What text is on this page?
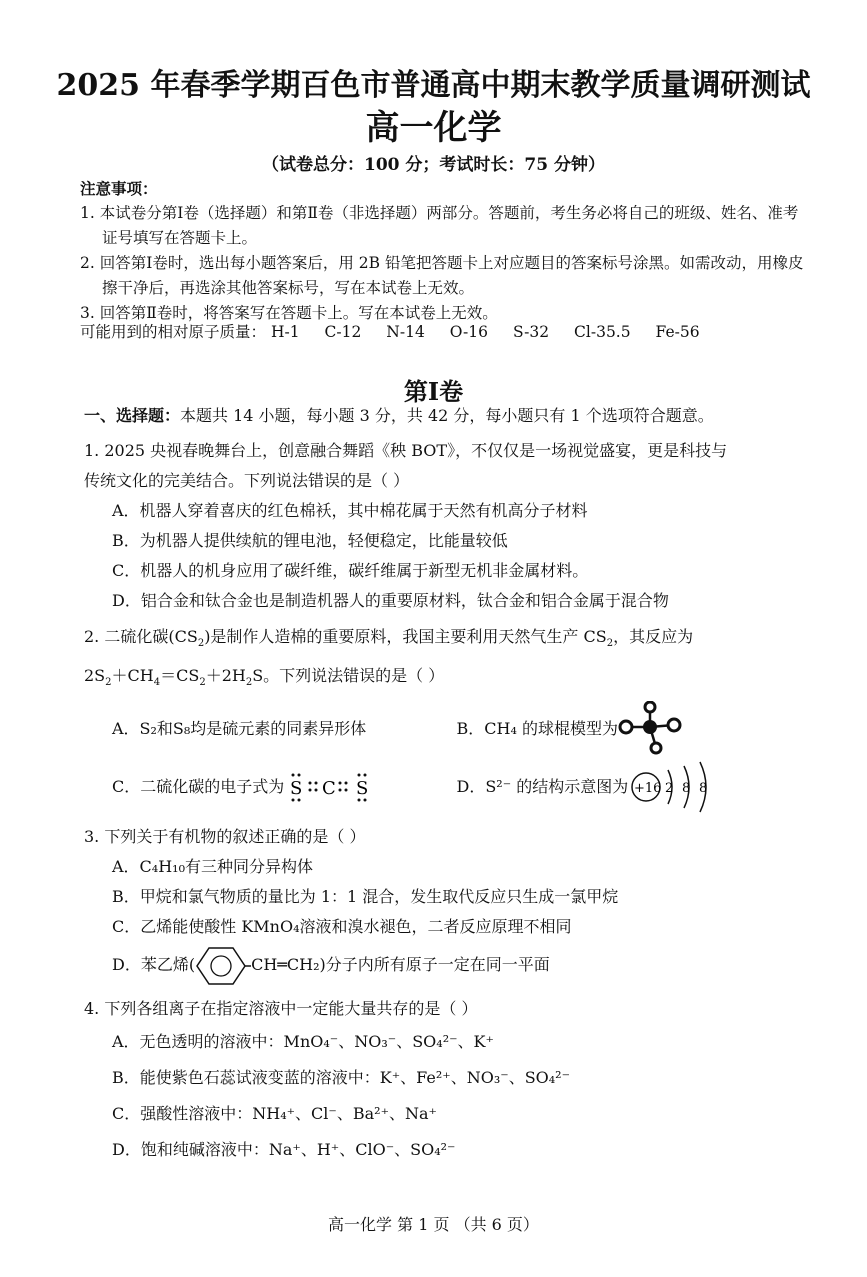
2025 年春季学期百色市普通高中期末教学质量调研测试
高一化学
（试卷总分：100 分；考试时长：75 分钟）
注意事项：

1. 本试卷分第Ⅰ卷（选择题）和第Ⅱ卷（非选择题）两部分。答题前，考生务必将自己的班级、姓名、准考证号填写在答题卡上。

2. 回答第Ⅰ卷时，选出每小题答案后，用 2B 铅笔把答题卡上对应题目的答案标号涂黑。如需改动，用橡皮擦干净后，再选涂其他答案标号，写在本试卷上无效。

3. 回答第Ⅱ卷时，将答案写在答题卡上。写在本试卷上无效。

可能用到的相对原子质量： H-1 C-12 N-14 O-16 S-32 Cl-35.5 Fe-56
第Ⅰ卷

一、选择题：本题共 14 小题，每小题 3 分，共 42 分，每小题只有 1 个选项符合题意。

1. 2025 央视春晚舞台上，创意融合舞蹈《秧 BOT》，不仅仅是一场视觉盛宴，更是科技与

传统文化的完美结合。下列说法错误的是（ ）

A．机器人穿着喜庆的红色棉袄，其中棉花属于天然有机高分子材料

B．为机器人提供续航的锂电池，轻便稳定，比能量较低

C．机器人的机身应用了碳纤维，碳纤维属于新型无机非金属材料。

D．铝合金和钛合金也是制造机器人的重要原材料，钛合金和铝合金属于混合物

2. 二硫化碳$(CS_2)$是制作人造棉的重要原料，我国主要利用天然气生产 $CS_2$，其反应为

$2S_2+CH_4=CS_2+2H_2S$。下列说法错误的是（ ）

A．S₂和S₈均是硫元素的同素异形体	B．CH₄ 的球棍模型为
C．二硫化碳的电子式为 S C S	D．S²⁻ 的结构示意图为 +16 2 8 8

3. 下列关于有机物的叙述正确的是（ ）

A．C₄H₁₀有三种同分异构体

B．甲烷和氯气物质的量比为 1：1 混合，发生取代反应只生成一氯甲烷

C．乙烯能使酸性 KMnO₄溶液和溴水褪色，二者反应原理不相同

D．苯乙烯(	CH═CH₂)分子内所有原子一定在同一平面

4. 下列各组离子在指定溶液中一定能大量共存的是（ ）

A．无色透明的溶液中：MnO₄⁻、NO₃⁻、SO₄²⁻、K⁺

B．能使紫色石蕊试液变蓝的溶液中：K⁺、Fe²⁺、NO₃⁻、SO₄²⁻

C．强酸性溶液中：NH₄⁺、Cl⁻、Ba²⁺、Na⁺

D．饱和纯碱溶液中：Na⁺、H⁺、ClO⁻、SO₄²⁻

高一化学 第 1 页 （共 6 页）
